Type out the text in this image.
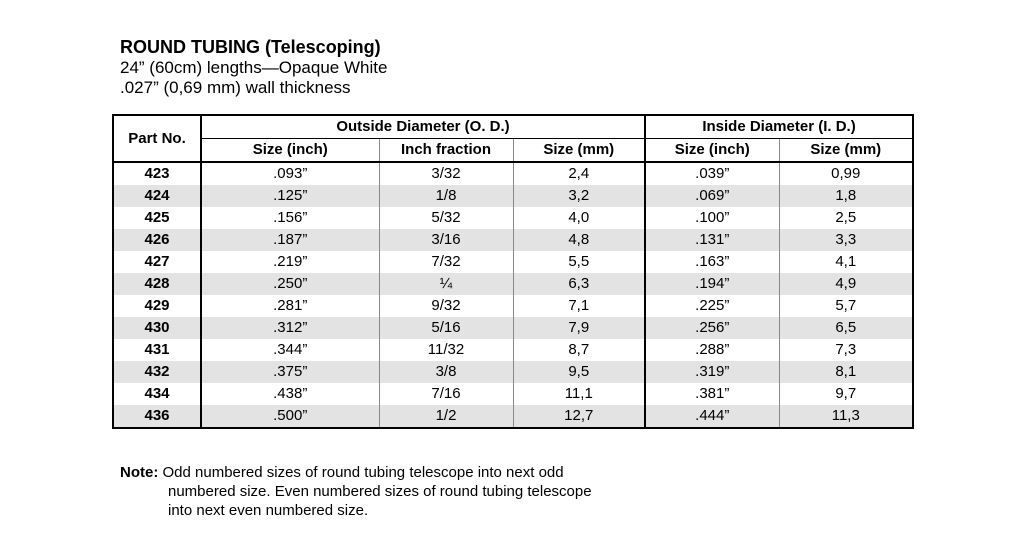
ROUND TUBING (Telescoping)

24” (60cm) lengths—Opaque White

.027” (0,69 mm) wall thickness

Part No.	Outside Diameter (O. D.)			Inside Diameter (I. D.)	
	Size (inch)	Inch fraction	Size (mm)	Size (inch)	Size (mm)
423	.093”	3/32	2,4	.039”	0,99
424	.125”	1/8	3,2	.069”	1,8
425	.156”	5/32	4,0	.100”	2,5
426	.187”	3/16	4,8	.131”	3,3
427	.219”	7/32	5,5	.163”	4,1
428	.250”	¼	6,3	.194”	4,9
429	.281”	9/32	7,1	.225”	5,7
430	.312”	5/16	7,9	.256”	6,5
431	.344”	11/32	8,7	.288”	7,3
432	.375”	3/8	9,5	.319”	8,1
434	.438”	7/16	11,1	.381”	9,7
436	.500”	1/2	12,7	.444”	11,3
Note: Odd numbered sizes of round tubing telescope into next odd
numbered size. Even numbered sizes of round tubing telescope
into next even numbered size.
